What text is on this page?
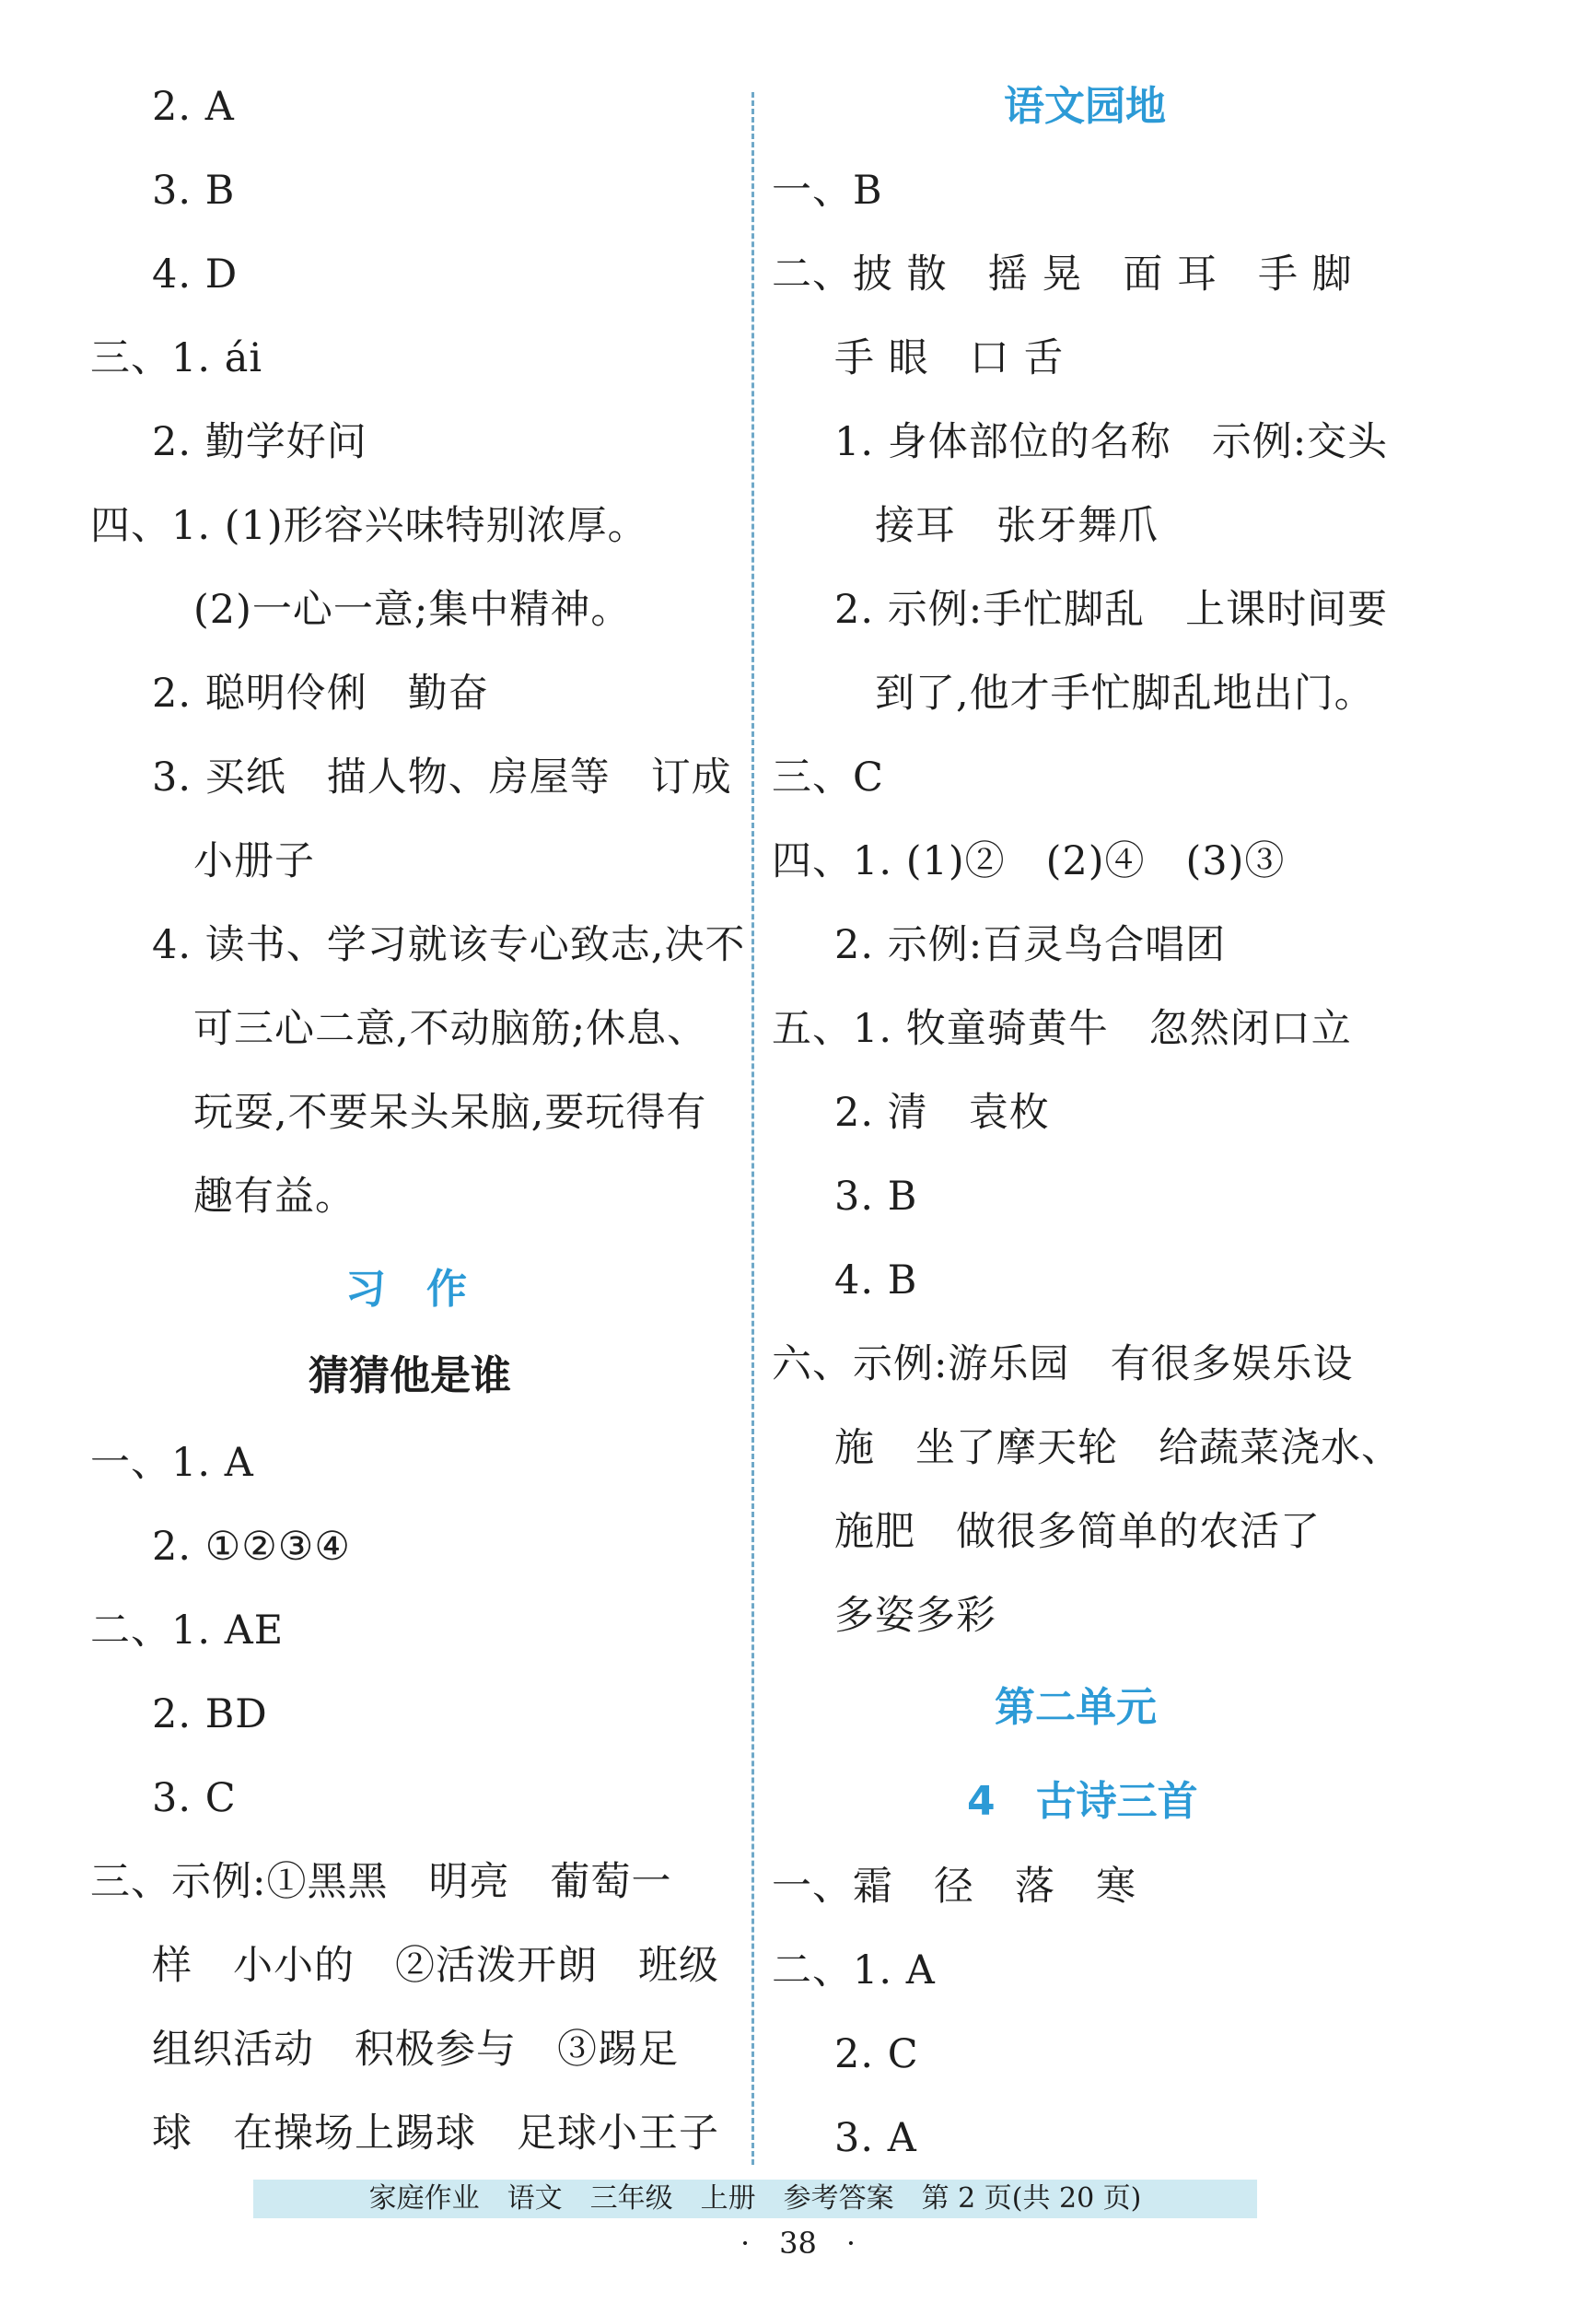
2. A
3. B
4. D
三、1. ái
2. 勤学好问
四、1. (1)形容兴味特别浓厚。
(2)一心一意;集中精神。
2. 聪明伶俐　勤奋
3. 买纸　描人物、房屋等　订成
小册子
4. 读书、学习就该专心致志,决不
可三心二意,不动脑筋;休息、
玩耍,不要呆头呆脑,要玩得有
趣有益。
习　作
猜猜他是谁
一、1. A
2. ①②③④
二、1. AE
2. BD
3. C
三、示例:①黑黑　明亮　葡萄一
样　小小的　②活泼开朗　班级
组织活动　积极参与　③踢足
球　在操场上踢球　足球小王子
语文园地
一、B
二、披 散　摇 晃　面 耳　手 脚
手 眼　口 舌
1. 身体部位的名称　示例:交头
接耳　张牙舞爪
2. 示例:手忙脚乱　上课时间要
到了,他才手忙脚乱地出门。
三、C
四、1. (1)②　(2)④　(3)③
2. 示例:百灵鸟合唱团
五、1. 牧童骑黄牛　忽然闭口立
2. 清　袁枚
3. B
4. B
六、示例:游乐园　有很多娱乐设
施　坐了摩天轮　给蔬菜浇水、
施肥　做很多简单的农活了
多姿多彩
第二单元
4　古诗三首
一、霜　径　落　寒
二、1. A
2. C
3. A
家庭作业　语文　三年级　上册　参考答案　第 2 页(共 20 页)
·　38　·
